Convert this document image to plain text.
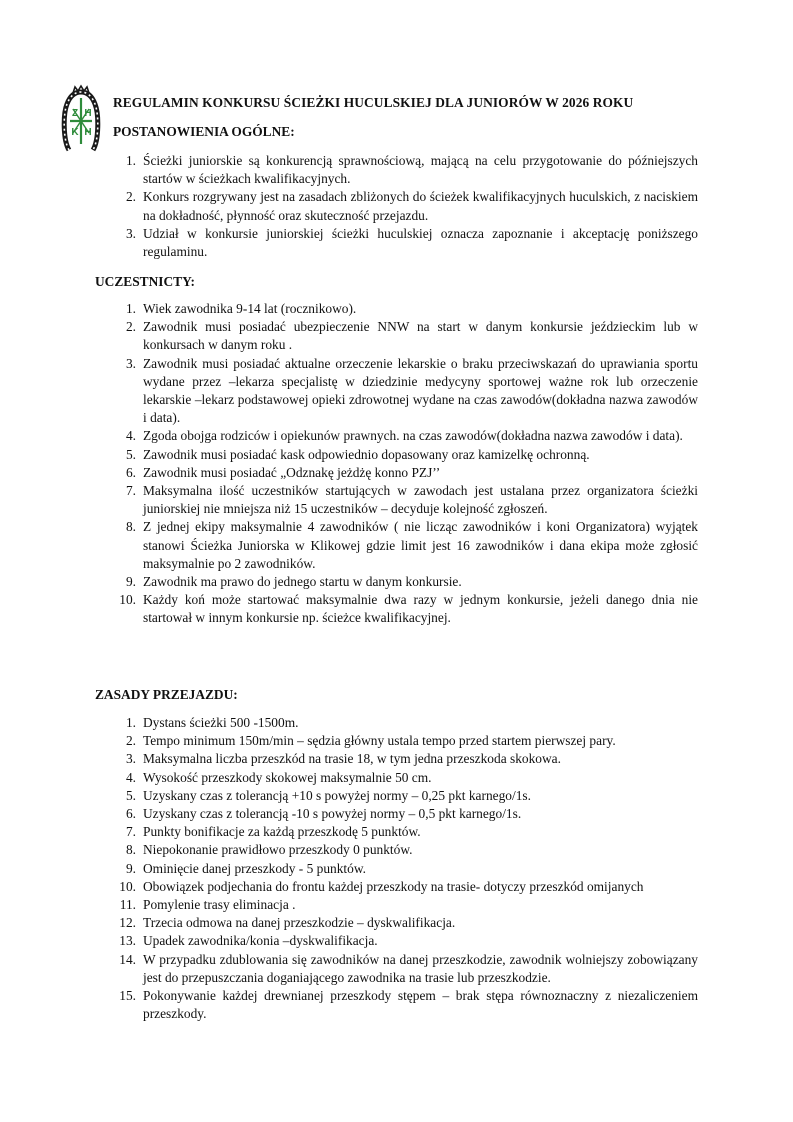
Z H
K H
REGULAMIN KONKURSU ŚCIEŻKI HUCULSKIEJ DLA JUNIORÓW W 2026 ROKU
POSTANOWIENIA OGÓLNE:
1. Ścieżki juniorskie są konkurencją sprawnościową, mającą na celu przygotowanie do późniejszych startów w ścieżkach kwalifikacyjnych.
2. Konkurs rozgrywany jest na zasadach zbliżonych do ścieżek kwalifikacyjnych huculskich, z naciskiem na dokładność, płynność oraz skuteczność przejazdu.
3. Udział w konkursie juniorskiej ścieżki huculskiej oznacza zapoznanie i akceptację poniższego regulaminu.
UCZESTNICTY:
1. Wiek zawodnika 9-14 lat (rocznikowo).
2. Zawodnik musi posiadać ubezpieczenie NNW na start w danym konkursie jeździeckim lub w konkursach w danym roku .
3. Zawodnik musi posiadać aktualne orzeczenie lekarskie o braku przeciwskazań do uprawiania sportu wydane przez –lekarza specjalistę w dziedzinie medycyny sportowej ważne rok lub orzeczenie lekarskie –lekarz podstawowej opieki zdrowotnej wydane na czas zawodów(dokładna nazwa zawodów i data).
4. Zgoda obojga rodziców i opiekunów prawnych. na czas zawodów(dokładna nazwa zawodów i data).
5. Zawodnik musi posiadać kask odpowiednio dopasowany oraz kamizelkę ochronną.
6. Zawodnik musi posiadać „Odznakę jeżdżę konno PZJ’’
7. Maksymalna ilość uczestników startujących w zawodach jest ustalana przez organizatora ścieżki juniorskiej nie mniejsza niż 15 uczestników – decyduje kolejność zgłoszeń.
8. Z jednej ekipy maksymalnie 4 zawodników ( nie licząc zawodników i koni Organizatora) wyjątek stanowi Ścieżka Juniorska w Klikowej gdzie limit jest 16 zawodników i dana ekipa może zgłosić maksymalnie po 2 zawodników.
9. Zawodnik ma prawo do jednego startu w danym konkursie.
10. Każdy koń może startować maksymalnie dwa razy w jednym konkursie, jeżeli danego dnia nie startował w innym konkursie np. ścieżce kwalifikacyjnej.
ZASADY PRZEJAZDU:
1. Dystans ścieżki 500 -1500m.
2. Tempo minimum 150m/min – sędzia główny ustala tempo przed startem pierwszej pary.
3. Maksymalna liczba przeszkód na trasie 18, w tym jedna przeszkoda skokowa.
4. Wysokość przeszkody skokowej maksymalnie 50 cm.
5. Uzyskany czas z tolerancją +10 s powyżej normy – 0,25 pkt karnego/1s.
6. Uzyskany czas z tolerancją -10 s powyżej normy – 0,5 pkt karnego/1s.
7. Punkty bonifikacje za każdą przeszkodę 5 punktów.
8. Niepokonanie prawidłowo przeszkody 0 punktów.
9. Ominięcie danej przeszkody - 5 punktów.
10. Obowiązek podjechania do frontu każdej przeszkody na trasie- dotyczy przeszkód omijanych
11. Pomylenie trasy eliminacja .
12. Trzecia odmowa na danej przeszkodzie – dyskwalifikacja.
13. Upadek zawodnika/konia –dyskwalifikacja.
14. W przypadku zdublowania się zawodników na danej przeszkodzie, zawodnik wolniejszy zobowiązany jest do przepuszczania doganiającego zawodnika na trasie lub przeszkodzie.
15. Pokonywanie każdej drewnianej przeszkody stępem – brak stępa równoznaczny z niezaliczeniem przeszkody.
